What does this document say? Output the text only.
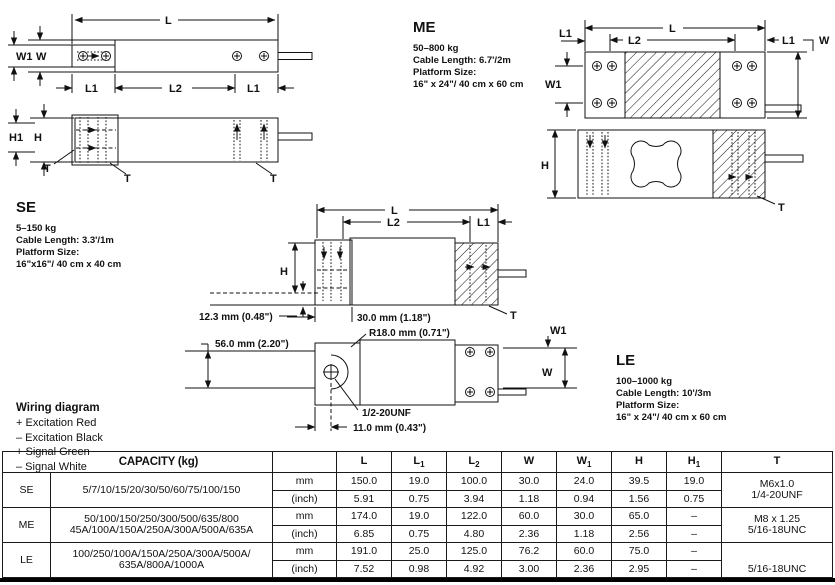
L
W1 W
L1	L2	L1
H1 H
T
T	T
L
L2
L1
L1 W
W1
H
T
L
L2	L1
H
12.3 mm (0.48")	30.0 mm (1.18")
R18.0 mm (0.71")
T
56.0 mm (2.20")
W
W1
1/2-20UNF
11.0 mm (0.43")
ME
50–800 kg
Cable Length: 6.7'/2m
Platform Size:
16" x 24"/ 40 cm x 60 cm
SE
5–150 kg
Cable Length: 3.3'/1m
Platform Size:
16"x16"/ 40 cm x 40 cm
LE
100–1000 kg
Cable Length: 10'/3m
Platform Size:
16" x 24"/ 40 cm x 60 cm
Wiring diagram
+ Excitation Red
– Excitation Black
+ Signal Green
– Signal White	CAPACITY (kg)			L	$L_1$	$L_2$	W	$W_1$	H	$H_1$	T
SE	5/7/10/15/20/30/50/60/75/100/150	mm	150.0	19.0	100.0	30.0	24.0	39.5	19.0	M6x1.0
1/4-20UNF

		(inch)	5.91	0.75	3.94	1.18	0.94	1.56	0.75	
ME	50/100/150/250/300/500/635/800
45A/100A/150A/250A/300A/500A/635A
	mm	174.0	19.0	122.0	60.0	30.0	65.0	–	M8 x 1.25
5/16-18UNC

		(inch)	6.85	0.75	4.80	2.36	1.18	2.56	–	
LE	100/250/100A/150A/250A/300A/500A/
635A/800A/1000A	mm	191.0	25.0	125.0	76.2	60.0	75.0	–	5/16-18UNC

		(inch)	7.52	0.98	4.92	3.00	2.36	2.95	–	
